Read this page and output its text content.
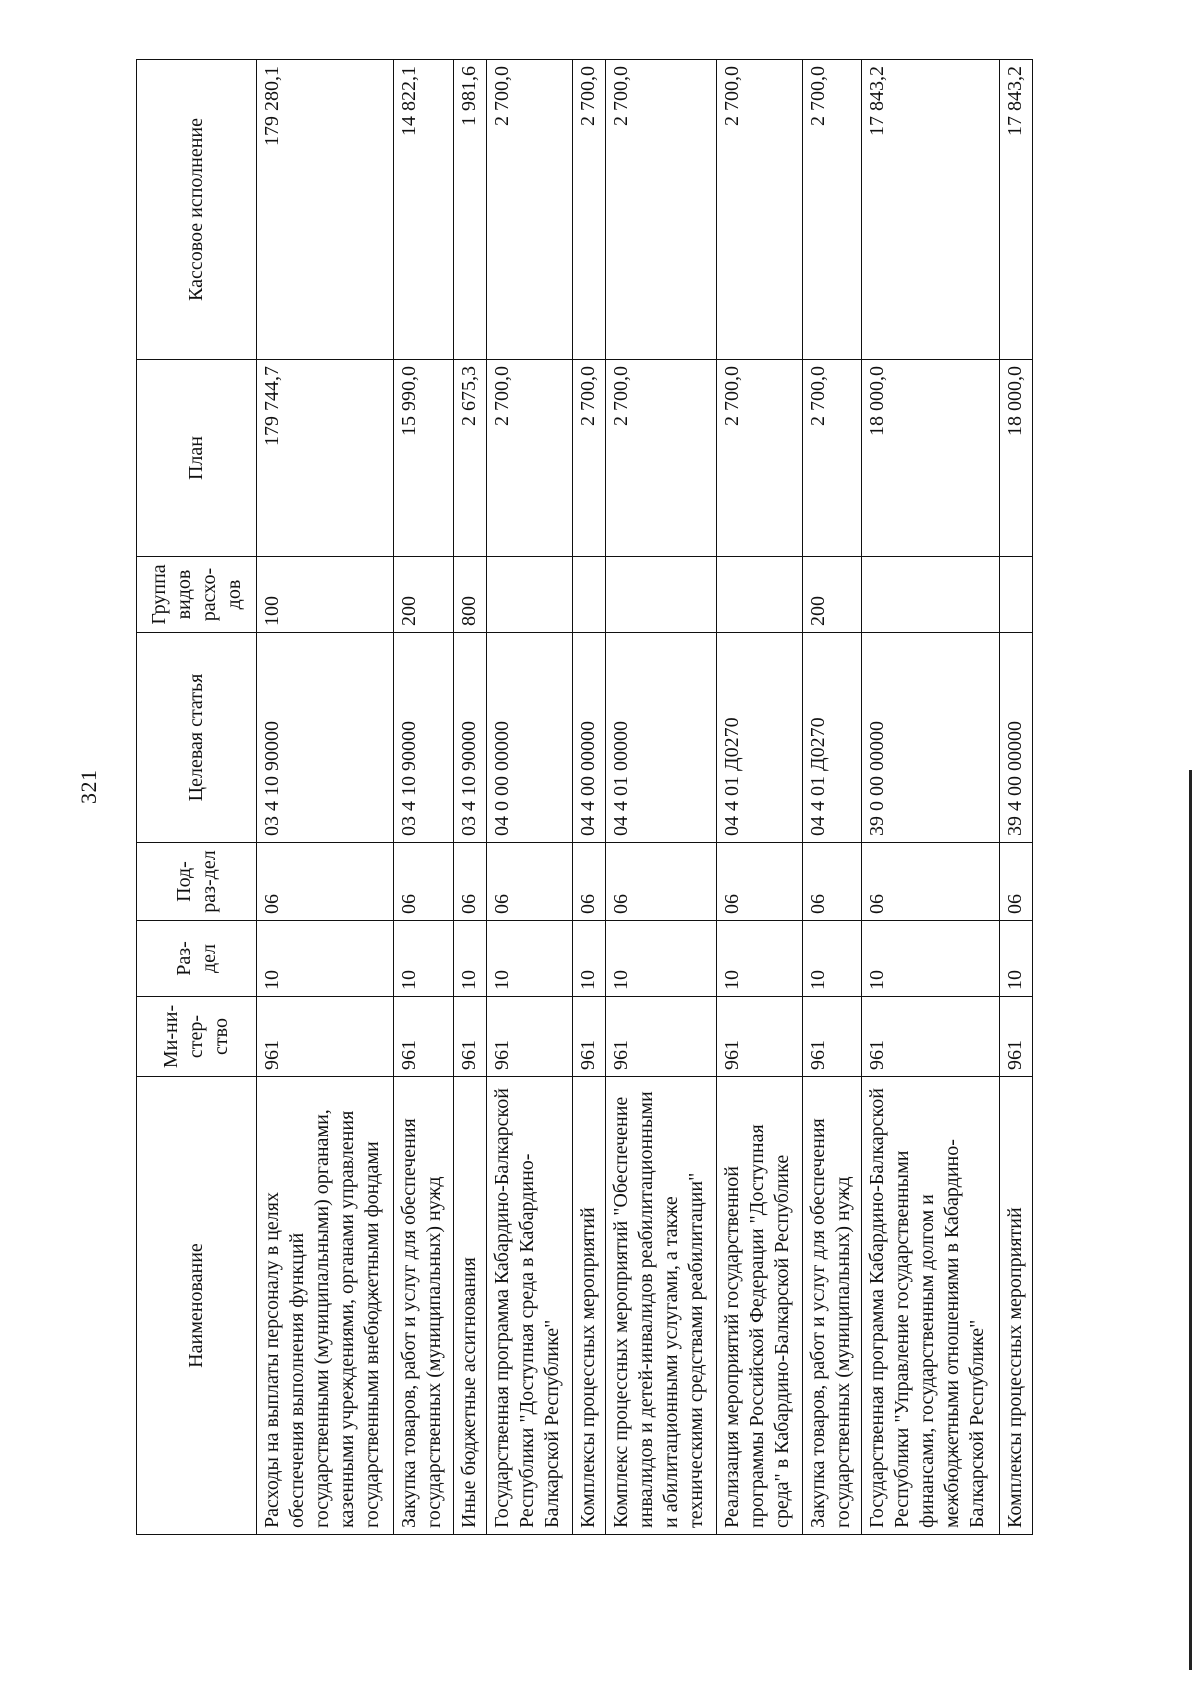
321
Наименование	Ми-ни-стер-ство	Раз-дел	Под-раз-дел	Целевая статья	Группа видов расхо-дов	План	Кассовое исполнение
Расходы на выплаты персоналу в целях обеспечения выполнения функций государственными (муниципальными) органами, казенными учреждениями, органами управления государственными внебюджетными фондами	961	10	06	03 4 10 90000	100	179 744,7	179 280,1
Закупка товаров, работ и услуг для обеспечения государственных (муниципальных) нужд	961	10	06	03 4 10 90000	200	15 990,0	14 822,1
Иные бюджетные ассигнования	961	10	06	03 4 10 90000	800	2 675,3	1 981,6
Государственная программа Кабардино-Балкарской Республики "Доступная среда в Кабардино-Балкарской Республике"	961	10	06	04 0 00 00000		2 700,0	2 700,0
Комплексы процессных мероприятий	961	10	06	04 4 00 00000		2 700,0	2 700,0
Комплекс процессных мероприятий "Обеспечение инвалидов и детей-инвалидов реабилитационными и абилитационными услугами, а также техническими средствами реабилитации"	961	10	06	04 4 01 00000		2 700,0	2 700,0
Реализация мероприятий государственной программы Российской Федерации "Доступная среда" в Кабардино-Балкарской Республике	961	10	06	04 4 01 Д0270		2 700,0	2 700,0
Закупка товаров, работ и услуг для обеспечения государственных (муниципальных) нужд	961	10	06	04 4 01 Д0270	200	2 700,0	2 700,0
Государственная программа Кабардино-Балкарской Республики "Управление государственными финансами, государственным долгом и межбюджетными отношениями в Кабардино-Балкарской Республике"	961	10	06	39 0 00 00000		18 000,0	17 843,2
Комплексы процессных мероприятий	961	10	06	39 4 00 00000		18 000,0	17 843,2
